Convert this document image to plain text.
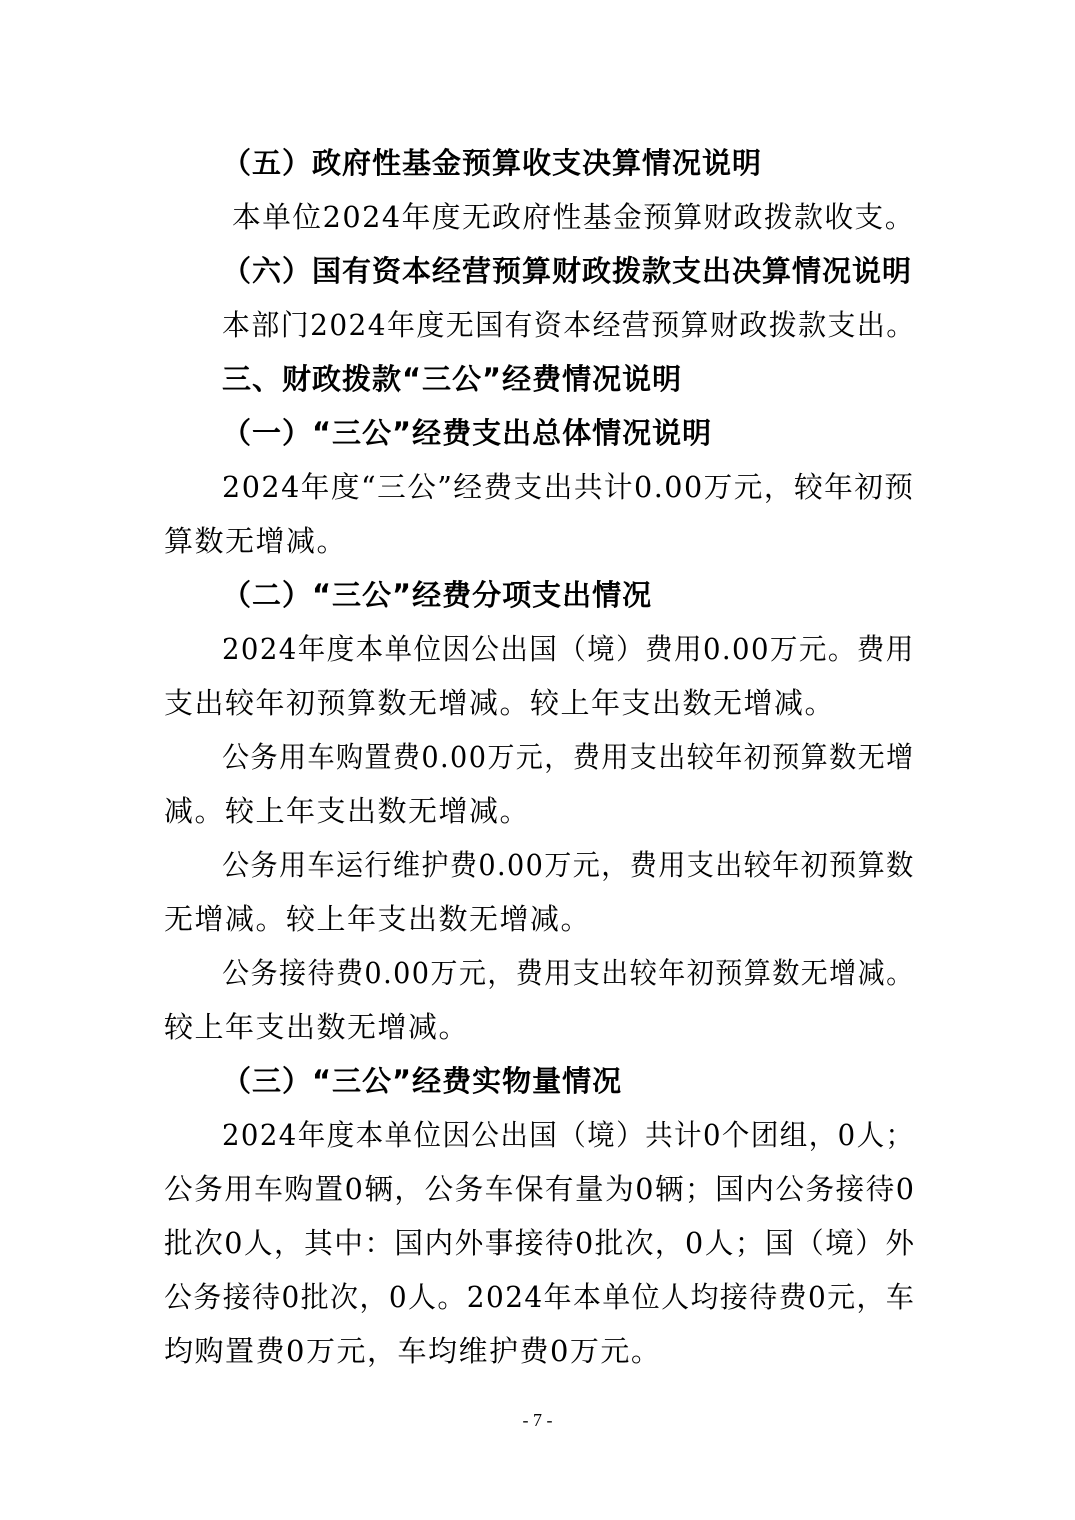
（五）政府性基金预算收支决算情况说明
本单位2024年度无政府性基金预算财政拨款收支。
（六）国有资本经营预算财政拨款支出决算情况说明
本部门2024年度无国有资本经营预算财政拨款支出。
三、财政拨款“三公”经费情况说明
（一）“三公”经费支出总体情况说明
2024年度“三公”经费支出共计0.00万元，较年初预
算数无增减。
（二）“三公”经费分项支出情况
2024年度本单位因公出国（境）费用0.00万元。费用
支出较年初预算数无增减。较上年支出数无增减。
公务用车购置费0.00万元，费用支出较年初预算数无增
减。较上年支出数无增减。
公务用车运行维护费0.00万元，费用支出较年初预算数
无增减。较上年支出数无增减。
公务接待费0.00万元，费用支出较年初预算数无增减。
较上年支出数无增减。
（三）“三公”经费实物量情况
2024年度本单位因公出国（境）共计0个团组，0人；
公务用车购置0辆，公务车保有量为0辆；国内公务接待0
批次0人，其中：国内外事接待0批次，0人；国（境）外
公务接待0批次，0人。2024年本单位人均接待费0元，车
均购置费0万元，车均维护费0万元。
- 7 -
